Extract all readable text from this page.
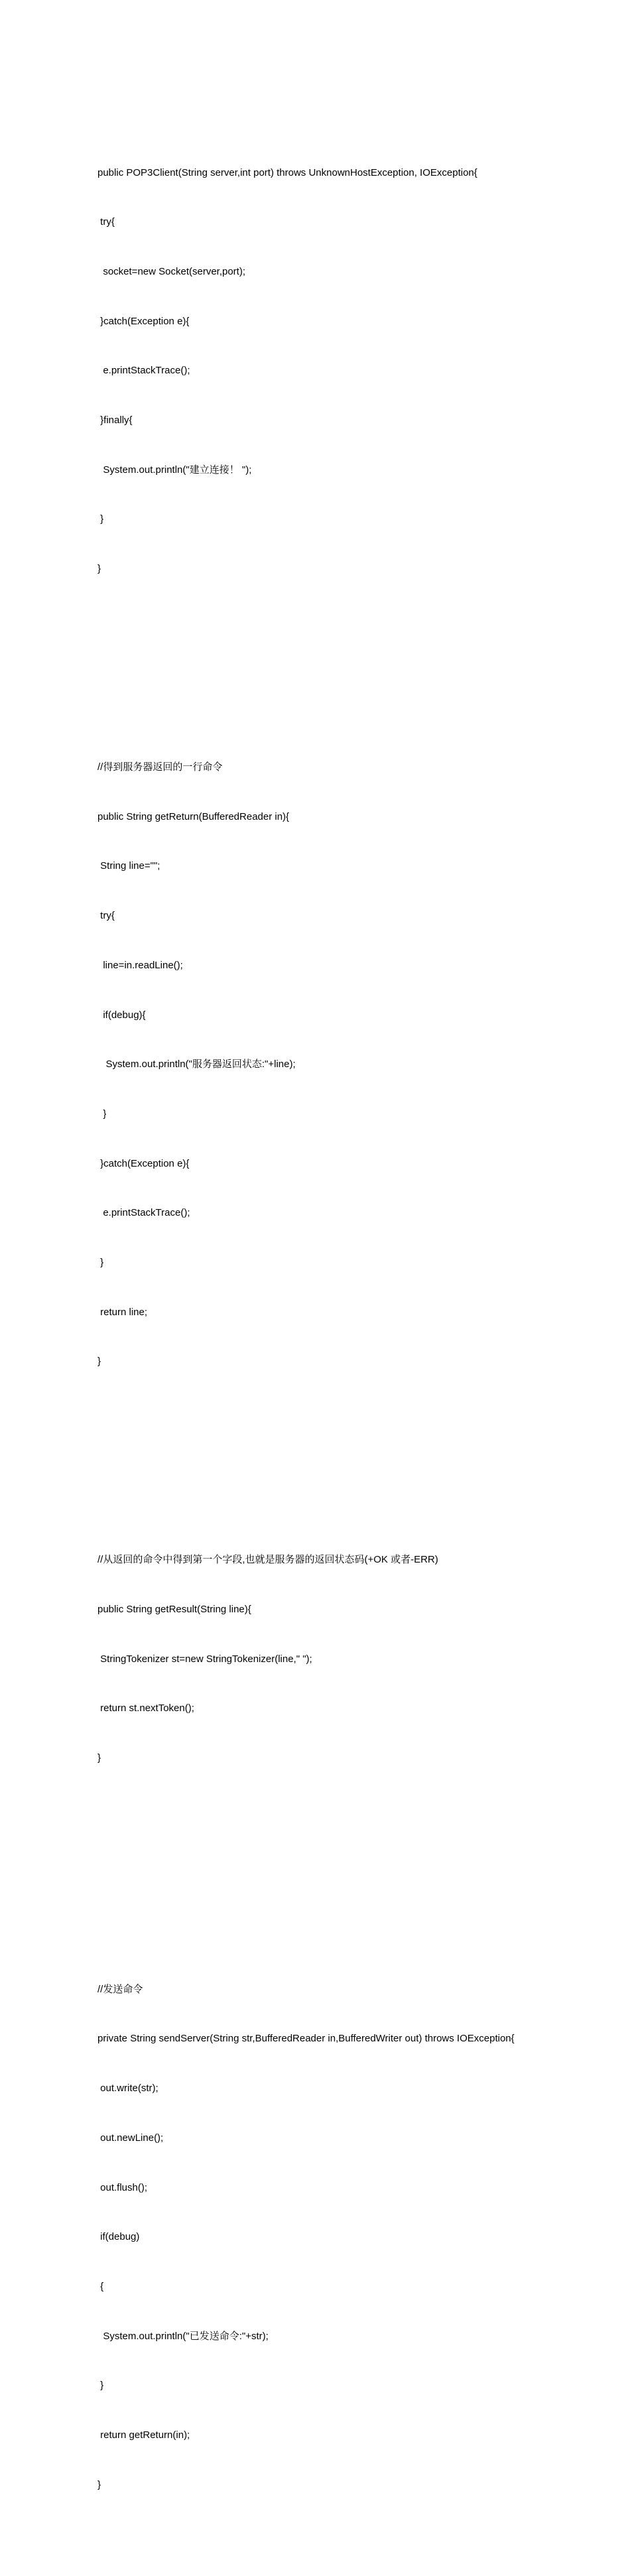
public POP3Client(String server,int port) throws UnknownHostException, IOException{

try{

socket=new Socket(server,port);

}catch(Exception e){

e.printStackTrace();

}finally{

System.out.println("建立连接！ ");

}

}

//得到服务器返回的一行命令

public String getReturn(BufferedReader in){

String line="";

try{

line=in.readLine();

if(debug){

System.out.println("服务器返回状态:"+line);

}

}catch(Exception e){

e.printStackTrace();

}

return line;

}

//从返回的命令中得到第一个字段,也就是服务器的返回状态码(+OK 或者-ERR)

public String getResult(String line){

StringTokenizer st=new StringTokenizer(line," ");

return st.nextToken();

}

//发送命令

private String sendServer(String str,BufferedReader in,BufferedWriter out) throws IOException{

out.write(str);

out.newLine();

out.flush();

if(debug)

{

System.out.println("已发送命令:"+str);

}

return getReturn(in);

}
